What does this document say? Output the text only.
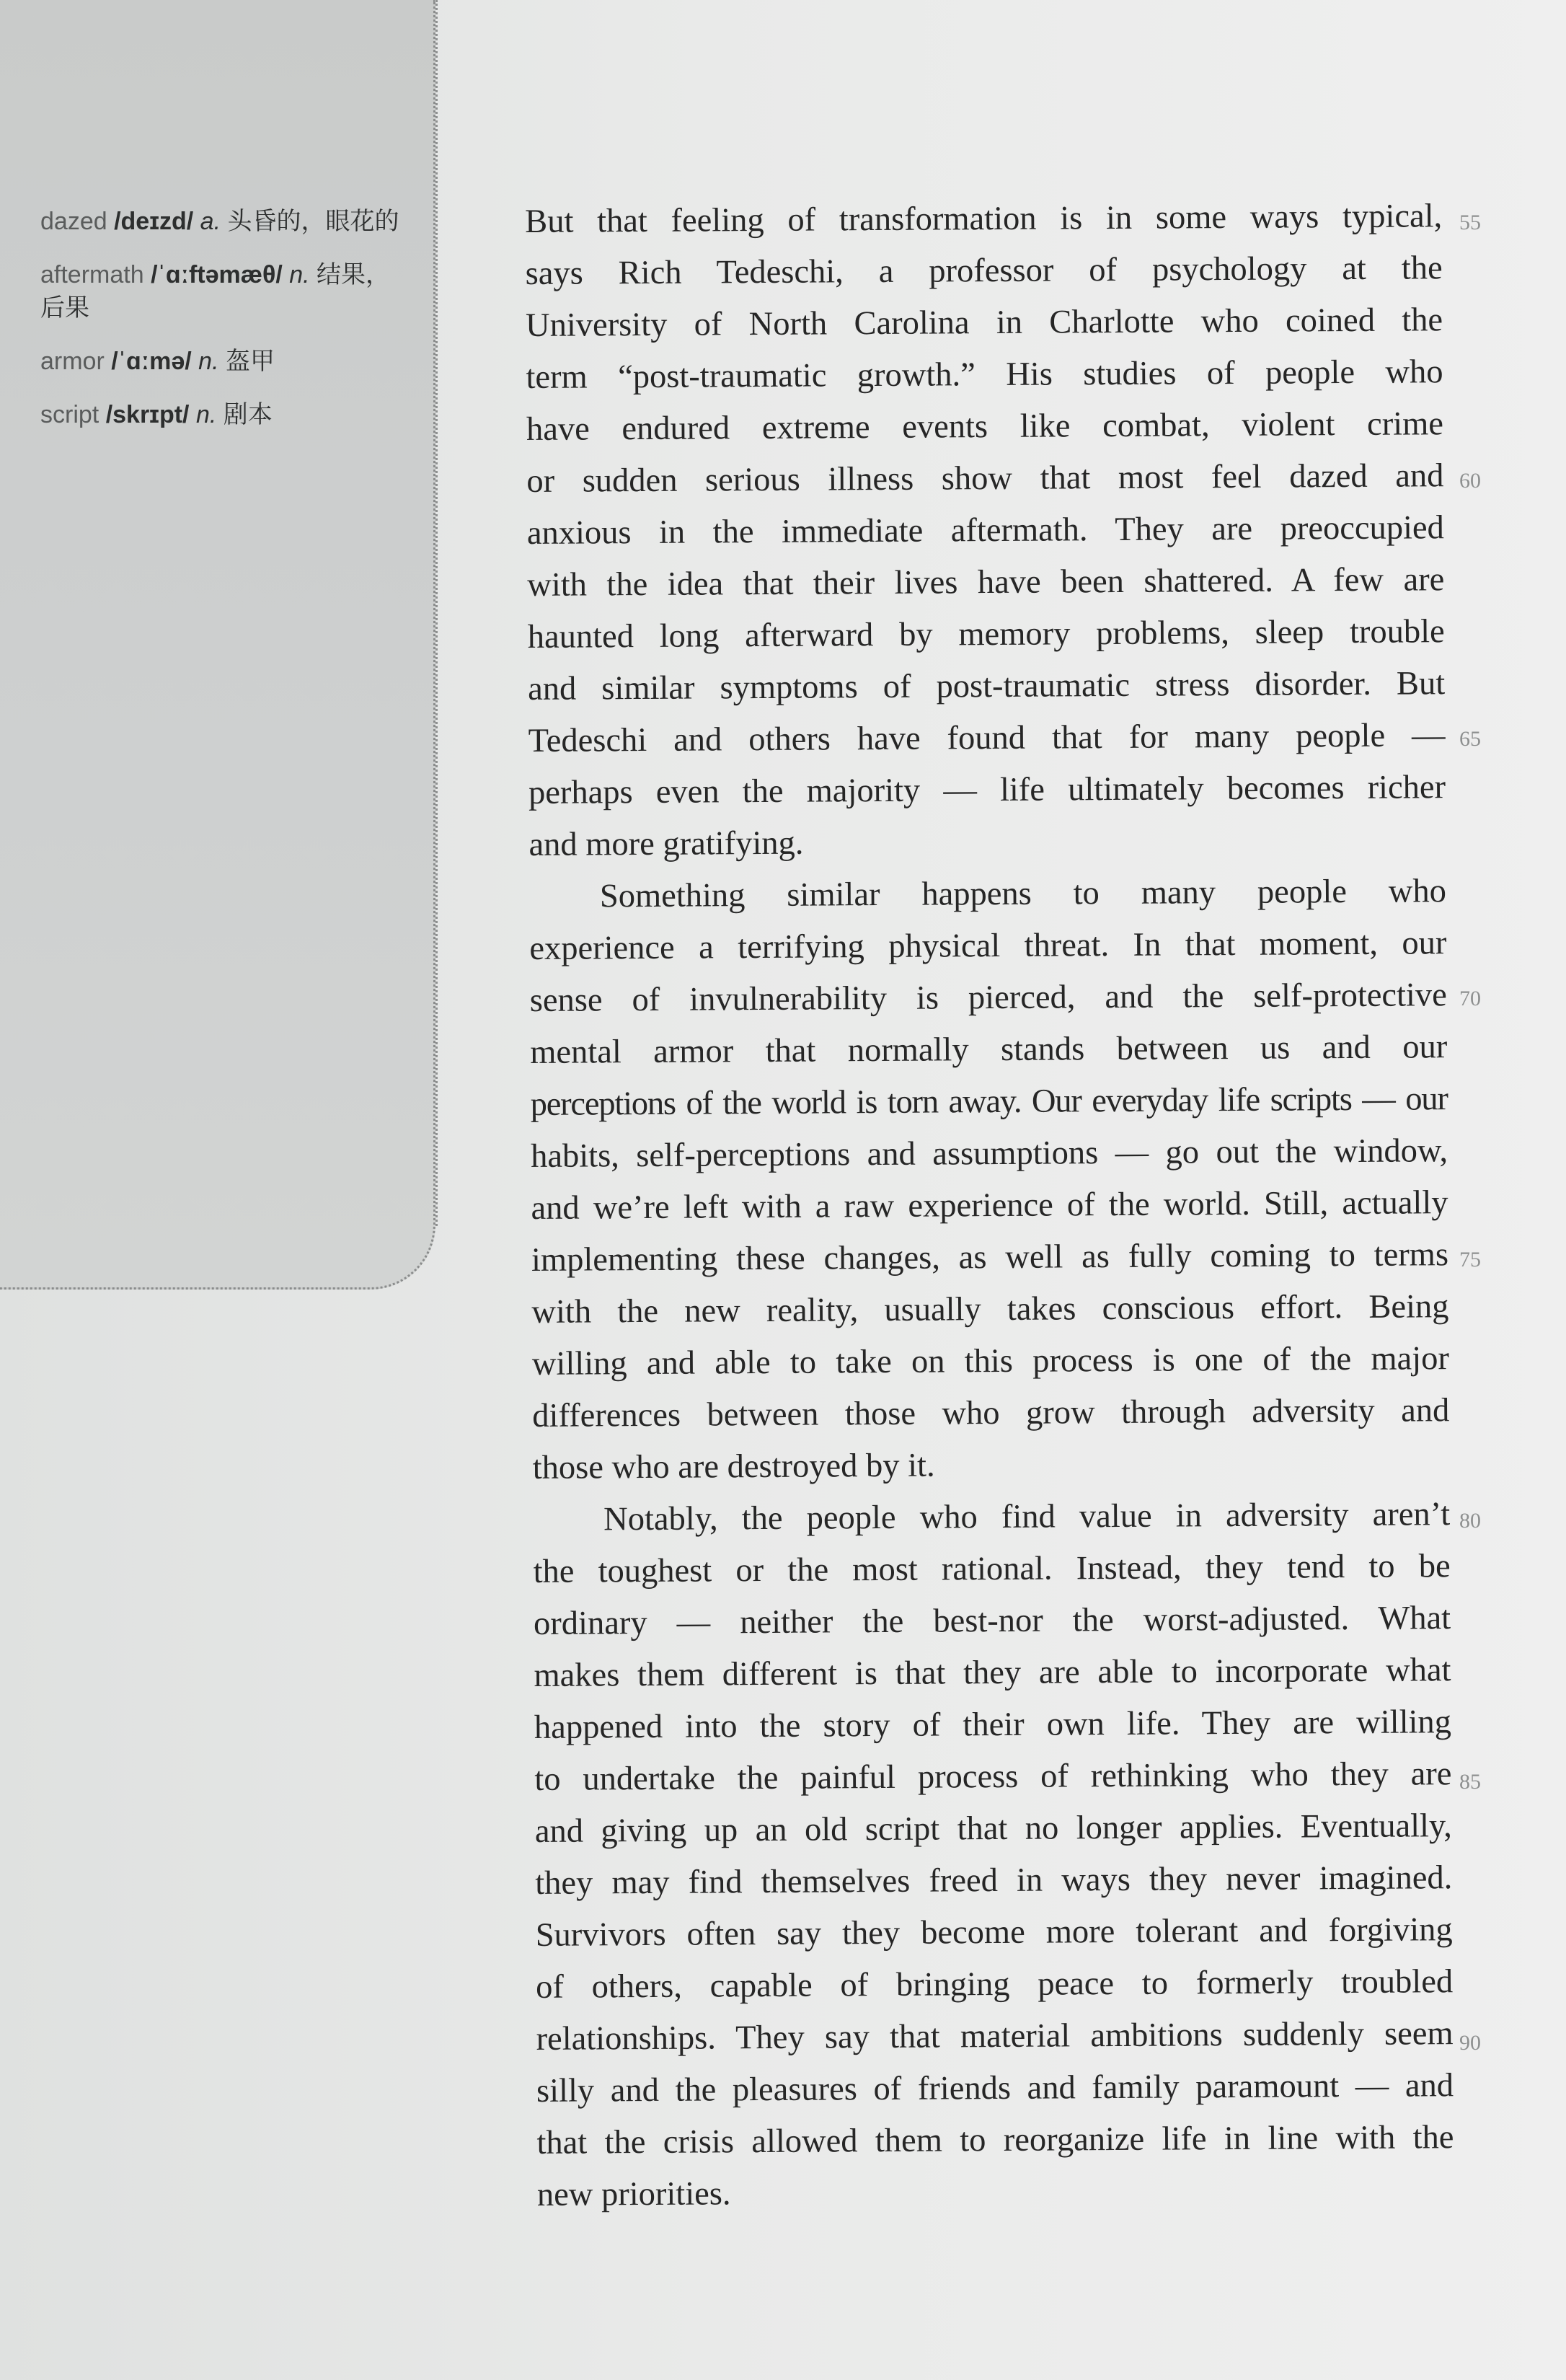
dazed /deɪzd/ a. 头昏的，眼花的
aftermath /ˈɑːftəmæθ/ n. 结果，后果
armor /ˈɑːmə/ n. 盔甲
script /skrɪpt/ n. 剧本
But that feeling of transformation is in some ways typical,
says Rich Tedeschi, a professor of psychology at the
University of North Carolina in Charlotte who coined the
term “post-traumatic growth.” His studies of people who
have endured extreme events like combat, violent crime
or sudden serious illness show that most feel dazed and
anxious in the immediate aftermath. They are preoccupied
with the idea that their lives have been shattered. A few are
haunted long afterward by memory problems, sleep trouble
and similar symptoms of post-traumatic stress disorder. But
Tedeschi and others have found that for many people —
perhaps even the majority — life ultimately becomes richer
and more gratifying.
Something similar happens to many people who
experience a terrifying physical threat. In that moment, our
sense of invulnerability is pierced, and the self-protective
mental armor that normally stands between us and our
perceptions of the world is torn away. Our everyday life scripts — our
habits, self-perceptions and assumptions — go out the window,
and we’re left with a raw experience of the world. Still, actually
implementing these changes, as well as fully coming to terms
with the new reality, usually takes conscious effort. Being
willing and able to take on this process is one of the major
differences between those who grow through adversity and
those who are destroyed by it.
Notably, the people who find value in adversity aren’t
the toughest or the most rational. Instead, they tend to be
ordinary — neither the best-nor the worst-adjusted. What
makes them different is that they are able to incorporate what
happened into the story of their own life. They are willing
to undertake the painful process of rethinking who they are
and giving up an old script that no longer applies. Eventually,
they may find themselves freed in ways they never imagined.
Survivors often say they become more tolerant and forgiving
of others, capable of bringing peace to formerly troubled
relationships. They say that material ambitions suddenly seem
silly and the pleasures of friends and family paramount — and
that the crisis allowed them to reorganize life in line with the
new priorities.
55
60
65
70
75
80
85
90
